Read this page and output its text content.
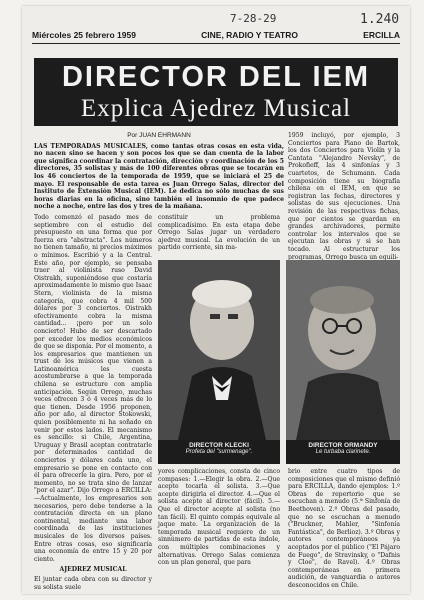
7-28-29	1.240
Miércoles 25 febrero 1959	CINE, RADIO Y TEATRO	ERCILLA
DIRECTOR DEL IEM
Explica Ajedrez Musical

Por JUAN EHRMANN

LAS TEMPORADAS MUSICALES, como tantas otras cosas en esta vida, no nacen sino se hacen y son pocos los que se dan cuenta de la labor que significa coordinar la contratación, dirección y coordinación de los 5 directores, 35 solistas y más de 100 diferentes obras que se tocarán en los 46 conciertos de la temporada de 1959, que se iniciará el 25 de mayo. El responsable de esta tarea es Juan Orrego Salas, director del Instituto de Extensión Musical (IEM). Le dedica no sólo muchas de sus horas diarias en la oficina, sino también el insomnio de que padece noche a noche, entre las dos y tres de la mañana.

Todo comenzó el pasado mes de septiembre con el estudio del presupuesto en una forma que por fuerza era "abstracta". Los números no tienen tamaño, ni precios máximos o mínimos. Escribió y a la Central. Este año, por ejemplo, se pensaba traer al violinista ruso David Oistrakh, suponiéndose que costaría aproximadamente lo mismo que Isaac Stern, violinista de la misma categoría, que cobra 4 mil 500 dólares por 3 conciertos. Oistrakh efectivamente cobra la misma cantidad... ¡pero por un solo concierto! Hubo de ser descartado por exceder los medios económicos de que se disponía. Por el momento, a los empresarios que mantienen un trust de los músicos que vienen a Latinoamérica les cuesta acostumbrarse a que la temporada chilena se estructure con amplia anticipación. Según Orrego, muchas veces ofrecen 3 ó 4 veces más de lo que tienen. Desde 1956 proponen, año por año, al director Stokowski, quien posiblemente ni ha soñado en venir por estos lados. El mecanismo es sencillo: si Chile, Argentina, Uruguay y Brasil aceptan contratarle por determinados cantidad de conciertos y dólares cada uno, el empresario se pone en contacto con él para ofrecerle la gira. Pero, por el momento, no se trata sino de lanzar "por el azar". Dijo Orrego a ERCILLA: —Actualmente, los empresarios son necesarios, pero debe tenderse a la contratación directa en un plano continental, mediante una labor coordinada de las instituciones musicales de los diversos países. Entre otras cosas, eso significaría una economía de entre 15 y 20 por ciento.

AJEDREZ MUSICAL

El juntar cada obra con su director y su solista suele

constituir un problema complicadísimo. En esta etapa debe Orrego Salas jugar un verdadero ajedrez musical. La evolución de un partido corriente, sin ma-

1959 incluyó, por ejemplo, 3 Conciertos para Piano de Bartok, los dos Conciertos para Violín y la Cantata "Alejandro Nevsky", de Prokofieff, las 4 sinfonías y 3 cuartetos, de Schumann. Cada composición tiene su biografía chilena en el IEM, en que se registran las fechas, directores y solistas de sus ejecuciones. Una revisión de las respectivas fichas, que por cientos se guardan en grandes archivadores, permite controlar los intervalos que se ejecutan las obras y si se han tocado. Al estructurar los programas, Orrego busca un equili-

DIRECTOR KLECKI
Profeta del "surmenage".
DIRECTOR ORMANDY
Le turbaba clarinete.

yores complicaciones, consta de cinco compases: 1.—Elegir la obra. 2.—Que acepte tocarla el solista. 3.—Que acepte dirigirla el director. 4.—Que el solista acepte al director (fácil). 5.—Que el director acepte al solista (no tan fácil). El quinto compás equivale al jaque mate. La organización de la temporada musical requiere de un sinnúmero de partidas de esta índole, con múltiples combinaciones y alternativas. Orrego Salas comienza con un plan general, que para

brio entre cuatro tipos de composiciones que el mismo definió para ERCILLA, dando ejemplos: 1.º Obras de repertorio que se escuchan a menudo (5.ª Sinfonía de Beethoven). 2.º Obras del pasado, que no se escuchan a menudo ("Bruckner, Mahler, "Sinfonía Fantástica", de Berlioz). 3.º Obras y autores contemporáneos ya aceptados por el público ("El Pájaro de Fuego", de Stravinsky, o "Dafnis y Cloe", de Ravel). 4.º Obras contemporáneas en primera audición, de vanguardia o autores desconocidos en Chile.
